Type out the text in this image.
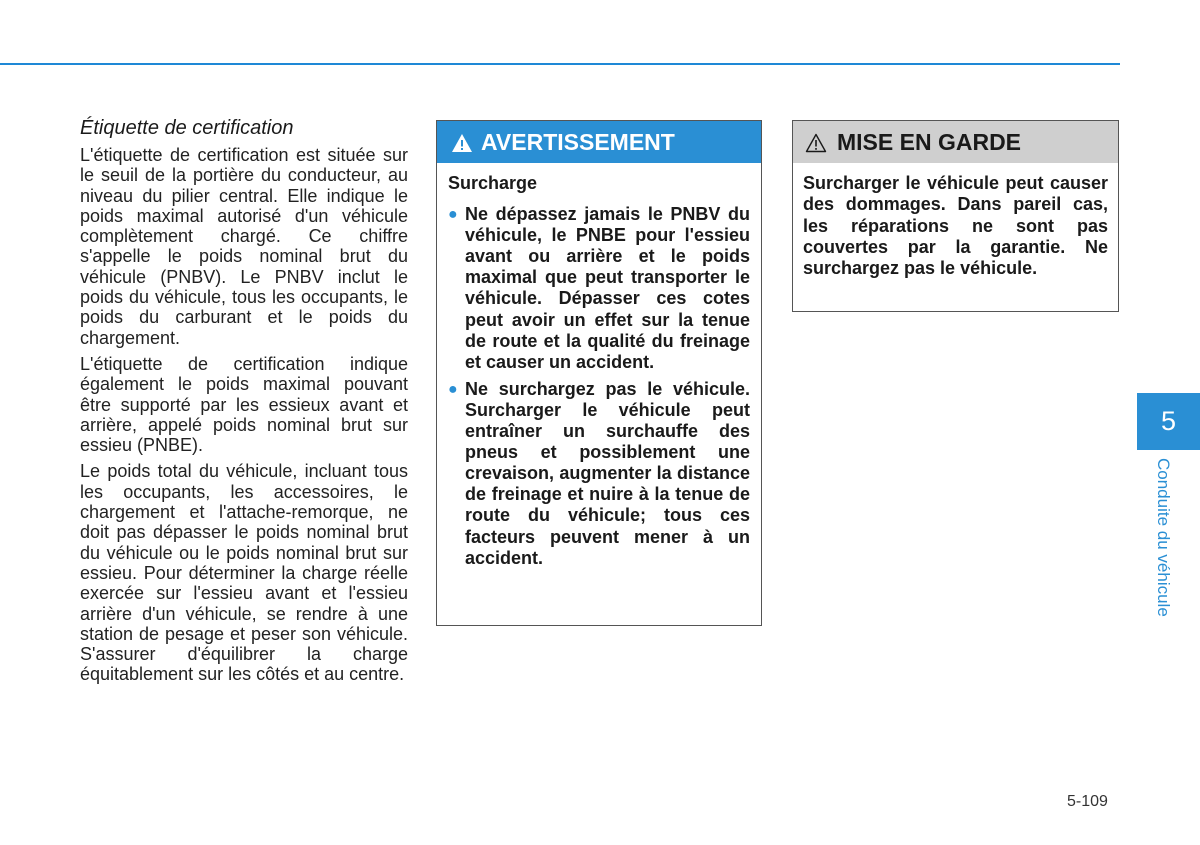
Étiquette de certification

L'étiquette de certification est située sur le seuil de la portière du conducteur, au niveau du pilier central. Elle indique le poids maximal autorisé d'un véhicule complètement chargé. Ce chiffre s'appelle le poids nominal brut du véhicule (PNBV). Le PNBV inclut le poids du véhicule, tous les occupants, le poids du carburant et le poids du chargement.

L'étiquette de certification indique également le poids maximal pouvant être supporté par les essieux avant et arrière, appelé poids nominal brut sur essieu (PNBE).

Le poids total du véhicule, incluant tous les occupants, les accessoires, le chargement et l'attache-remorque, ne doit pas dépasser le poids nominal brut du véhicule ou le poids nominal brut sur essieu. Pour déterminer la charge réelle exercée sur l'essieu avant et l'essieu arrière d'un véhicule, se rendre à une station de pesage et peser son véhicule. S'assurer d'équilibrer la charge équitablement sur les côtés et au centre.

AVERTISSEMENT
Surcharge
● Ne dépassez jamais le PNBV du véhicule, le PNBE pour l'essieu avant ou arrière et le poids maximal que peut transporter le véhicule. Dépasser ces cotes peut avoir un effet sur la tenue de route et la qualité du freinage et causer un accident.
● Ne surchargez pas le véhicule. Surcharger le véhicule peut entraîner un surchauffe des pneus et possiblement une crevaison, augmenter la distance de freinage et nuire à la tenue de route du véhicule; tous ces facteurs peuvent mener à un accident.
MISE EN GARDE
Surcharger le véhicule peut causer des dommages. Dans pareil cas, les réparations ne sont pas couvertes par la garantie. Ne surchargez pas le véhicule.
5
Conduite du véhicule
5-109
